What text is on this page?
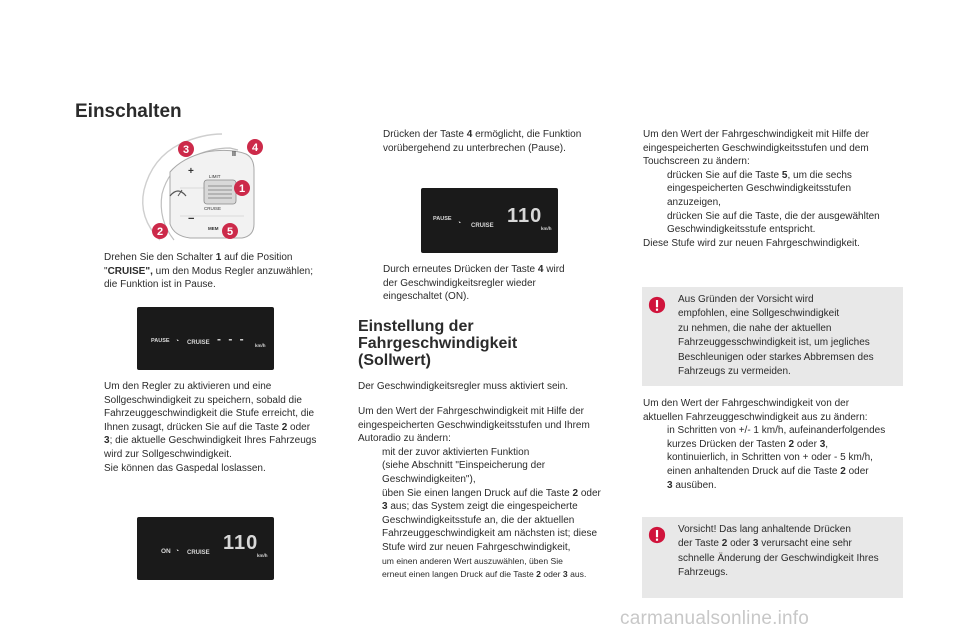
Einschalten
LIMIT
CRUISE
+
−
II
MEM
3	4
1
2	5
Drehen Sie den Schalter 1 auf die Position
"CRUISE", um den Modus Regler anzuwählen;
die Funktion ist in Pause.
PAUSE ◔ CRUISE - - - km/h
Um den Regler zu aktivieren und eine
Sollgeschwindigkeit zu speichern, sobald die
Fahrzeuggeschwindigkeit die Stufe erreicht, die
Ihnen zusagt, drücken Sie auf die Taste 2 oder
3; die aktuelle Geschwindigkeit Ihres Fahrzeugs
wird zur Sollgeschwindigkeit.
Sie können das Gaspedal loslassen.
ON ◔ CRUISE 110
km/h
Drücken der Taste 4 ermöglicht, die Funktion
vorübergehend zu unterbrechen (Pause).
PAUSE
◔ CRUISE 110
km/h
Durch erneutes Drücken der Taste 4 wird
der Geschwindigkeitsregler wieder
eingeschaltet (ON).
Einstellung der
Fahrgeschwindigkeit
(Sollwert)
Der Geschwindigkeitsregler muss aktiviert sein.
Um den Wert der Fahrgeschwindigkeit mit Hilfe der
eingespeicherten Geschwindigkeitsstufen und Ihrem
Autoradio zu ändern:
mit der zuvor aktivierten Funktion
(siehe Abschnitt "Einspeicherung der
Geschwindigkeiten"),
üben Sie einen langen Druck auf die Taste 2 oder
3 aus; das System zeigt die eingespeicherte
Geschwindigkeitsstufe an, die der aktuellen
Fahrzeuggeschwindigkeit am nächsten ist; diese
Stufe wird zur neuen Fahrgeschwindigkeit,
um einen anderen Wert auszuwählen, üben Sie
erneut einen langen Druck auf die Taste 2 oder 3 aus.
Um den Wert der Fahrgeschwindigkeit mit Hilfe der
eingespeicherten Geschwindigkeitsstufen und dem
Touchscreen zu ändern:
drücken Sie auf die Taste 5, um die sechs
eingespeicherten Geschwindigkeitsstufen
anzuzeigen,
drücken Sie auf die Taste, die der ausgewählten
Geschwindigkeitsstufe entspricht.
Diese Stufe wird zur neuen Fahrgeschwindigkeit.
Aus Gründen der Vorsicht wird
empfohlen, eine Sollgeschwindigkeit
zu nehmen, die nahe der aktuellen
Fahrzeuggesschwindigkeit ist, um jegliches
Beschleunigen oder starkes Abbremsen des
Fahrzeugs zu vermeiden.
Um den Wert der Fahrgeschwindigkeit von der
aktuellen Fahrzeuggeschwindigkeit aus zu ändern:
in Schritten von +/- 1 km/h, aufeinanderfolgendes
kurzes Drücken der Tasten 2 oder 3,
kontinuierlich, in Schritten von + oder - 5 km/h,
einen anhaltenden Druck auf die Taste 2 oder
3 ausüben.
Vorsicht! Das lang anhaltende Drücken
der Taste 2 oder 3 verursacht eine sehr
schnelle Änderung der Geschwindigkeit Ihres
Fahrzeugs.
carmanualsonline.info
